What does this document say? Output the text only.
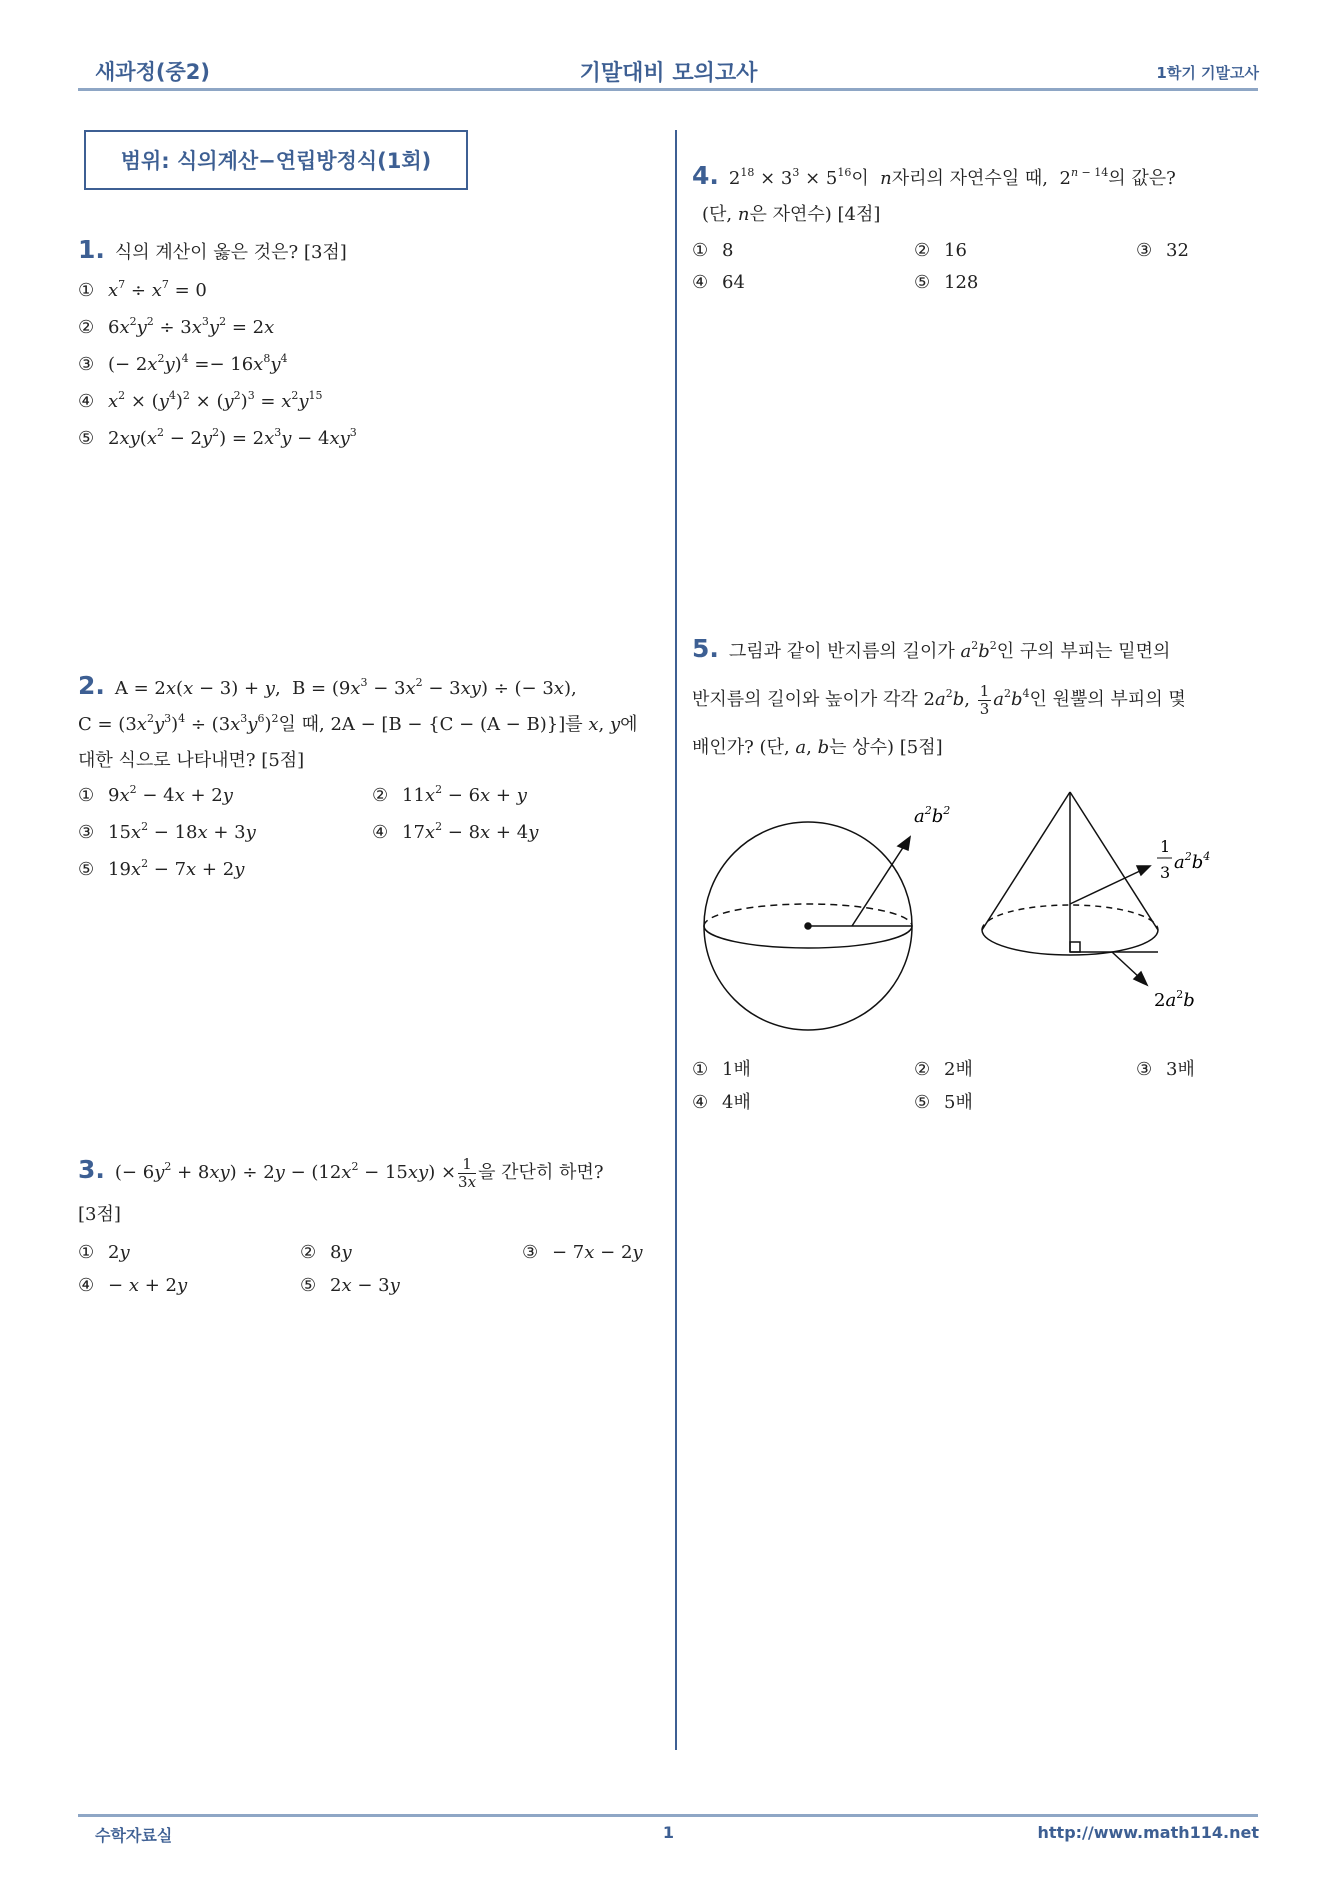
새과정(중2)	기말대비 모의고사	1학기 기말고사
범위: 식의계산−연립방정식(1회)
1. 식의 계산이 옳은 것은? [3점]
① $x^7 \div x^7 = 0$
② $6x^2y^2 \div 3x^3y^2 = 2x$
③ (− $2x^2y)^4 =- 16x^8y^4$
④ $x^2 \times (y^4)^2 \times (y^2)^3 = x^2y^{15}$
⑤ $2xy(x^2 - 2y^2) = 2x^3y - 4xy^3$
2. A = 2x(x − 3) + y,  $B = (9x^3 - 3x^2 - 3xy)$ ÷ (− 3x),
$C = (3x^2y^3)^4 \div (3x^3y^6)^2$일 때, 2A − [B − {C − (A − B)}]를 x, y에
대한 식으로 나타내면? [5점]
① $9x^2 - 4x + 2y$	② $11x^2 - 6x + y$
③ $15x^2 - 18x + 3y$	④ $17x^2 - 8x + 4y$
⑤ $19x^2 - 7x + 2y$
3. (− $6y^2 + 8xy) \div 2y - (12x^2 - 15xy) \times \frac{1}{3x}$ 을 간단히 하면?
[3점]
① 2y	② 8y	③ − 7x − 2y
④ − x + 2y	⑤ 2x − 3y
4. $2^{18} \times 3^3 \times 5^{16}$이 n자리의 자연수일 때,  $2^{n - 14}$의 값은?
(단, n은 자연수) [4점]
① 8	② 16	③ 32
④ 64	⑤ 128
5. 그림과 같이 반지름의 길이가 $a^2b^2$인 구의 부피는 밑면의
반지름의 길이와 높이가 각각 $2a^2b$, $\frac{1}{3} a^2b^4$인 원뿔의 부피의 몇
배인가? (단, a, b는 상수) [5점]
$a^2b^2$
1
3 $a^2b^4$
$2a^2b$
① 1배	② 2배	③ 3배
④ 4배	⑤ 5배
수학자료실	1	http://www.math114.net
